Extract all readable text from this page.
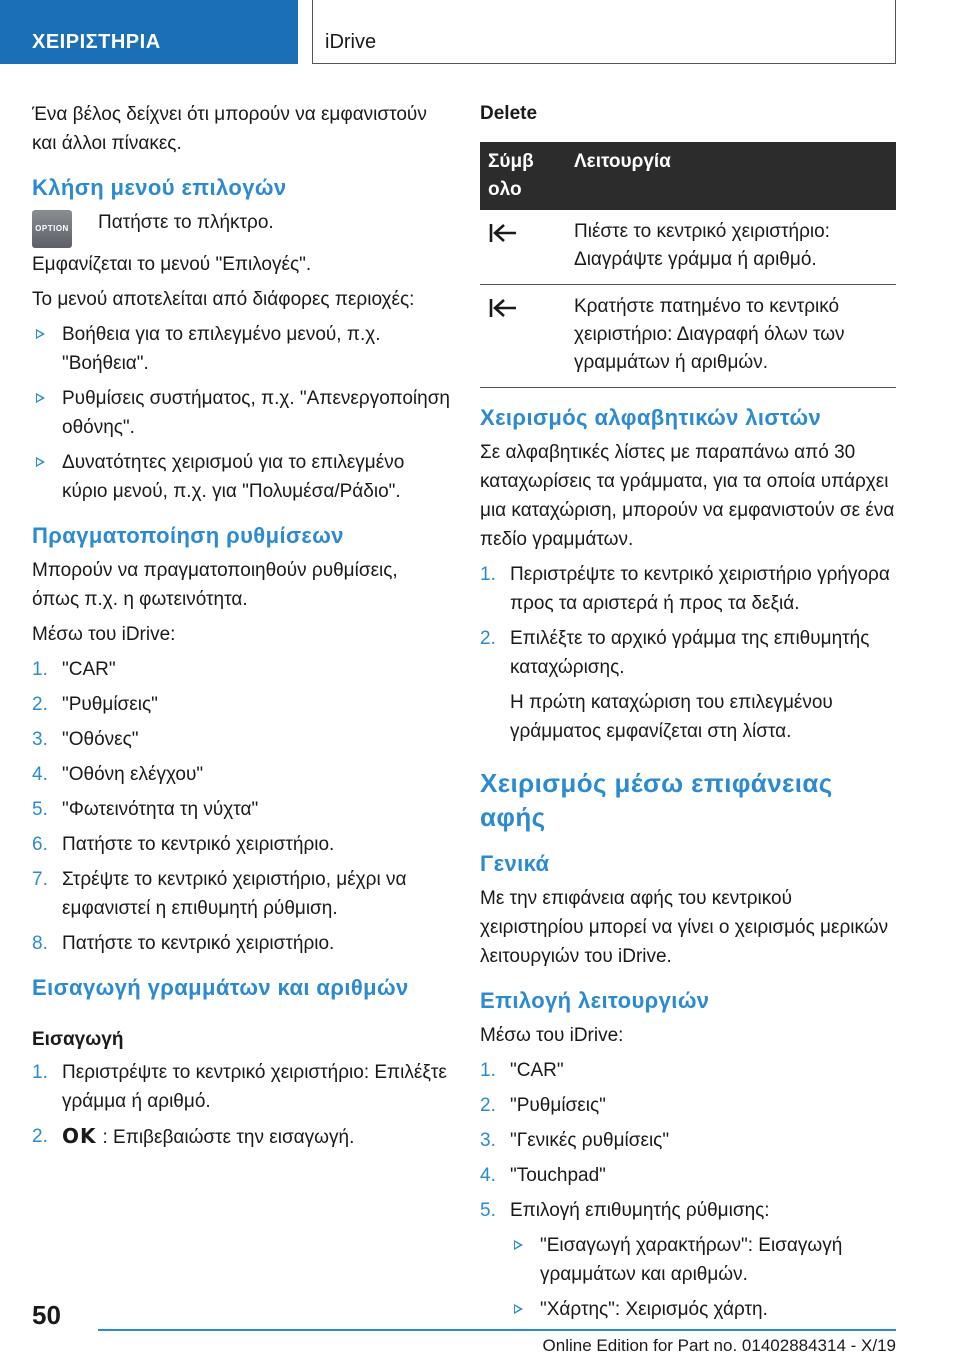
ΧΕΙΡΙΣΤΗΡΙΑ	iDrive

Ένα βέλος δείχνει ότι μπορούν να εμφανιστούν και άλλοι πίνακες.

Κλήση μενού επιλογών
OPTION Πατήστε το πλήκτρο.

Εμφανίζεται το μενού "Επιλογές".

Το μενού αποτελείται από διάφορες περιοχές:

Βοήθεια για το επιλεγμένο μενού, π.χ. "Βοήθεια".
Ρυθμίσεις συστήματος, π.χ. "Απενεργοποίηση οθόνης".
Δυνατότητες χειρισμού για το επιλεγμένο κύριο μενού, π.χ. για "Πολυμέσα/Ράδιο".
Πραγματοποίηση ρυθμίσεων

Μπορούν να πραγματοποιηθούν ρυθμίσεις, όπως π.χ. η φωτεινότητα.

Μέσω του iDrive:

1. "CAR"
2. "Ρυθμίσεις"
3. "Οθόνες"
4. "Οθόνη ελέγχου"
5. "Φωτεινότητα τη νύχτα"
6. Πατήστε το κεντρικό χειριστήριο.
7. Στρέψτε το κεντρικό χειριστήριο, μέχρι να εμφανιστεί η επιθυμητή ρύθμιση.
8. Πατήστε το κεντρικό χειριστήριο.
Εισαγωγή γραμμάτων και αριθμών
Εισαγωγή
1. Περιστρέψτε το κεντρικό χειριστήριο: Επιλέξτε γράμμα ή αριθμό.
2. OK : Επιβεβαιώστε την εισαγωγή.
Delete
Σύμβολο	Λειτουργία

	Πιέστε το κεντρικό χειριστήριο: Διαγράψτε γράμμα ή αριθμό.

	Κρατήστε πατημένο το κεντρικό χειριστήριο: Διαγραφή όλων των γραμμάτων ή αριθμών.
Χειρισμός αλφαβητικών λιστών

Σε αλφαβητικές λίστες με παραπάνω από 30 καταχωρίσεις τα γράμματα, για τα οποία υπάρχει μια καταχώριση, μπορούν να εμφανιστούν σε ένα πεδίο γραμμάτων.

1. Περιστρέψτε το κεντρικό χειριστήριο γρήγορα προς τα αριστερά ή προς τα δεξιά.
2. Επιλέξτε το αρχικό γράμμα της επιθυμητής καταχώρισης.

Η πρώτη καταχώριση του επιλεγμένου γράμματος εμφανίζεται στη λίστα.

Χειρισμός μέσω επιφάνειας αφής
Γενικά

Με την επιφάνεια αφής του κεντρικού χειριστηρίου μπορεί να γίνει ο χειρισμός μερικών λειτουργιών του iDrive.

Επιλογή λειτουργιών

Μέσω του iDrive:

1. "CAR"
2. "Ρυθμίσεις"
3. "Γενικές ρυθμίσεις"
4. "Touchpad"
5. Επιλογή επιθυμητής ρύθμισης:
"Εισαγωγή χαρακτήρων": Εισαγωγή γραμμάτων και αριθμών.
"Χάρτης": Χειρισμός χάρτη.
50
Online Edition for Part no. 01402884314 - X/19
